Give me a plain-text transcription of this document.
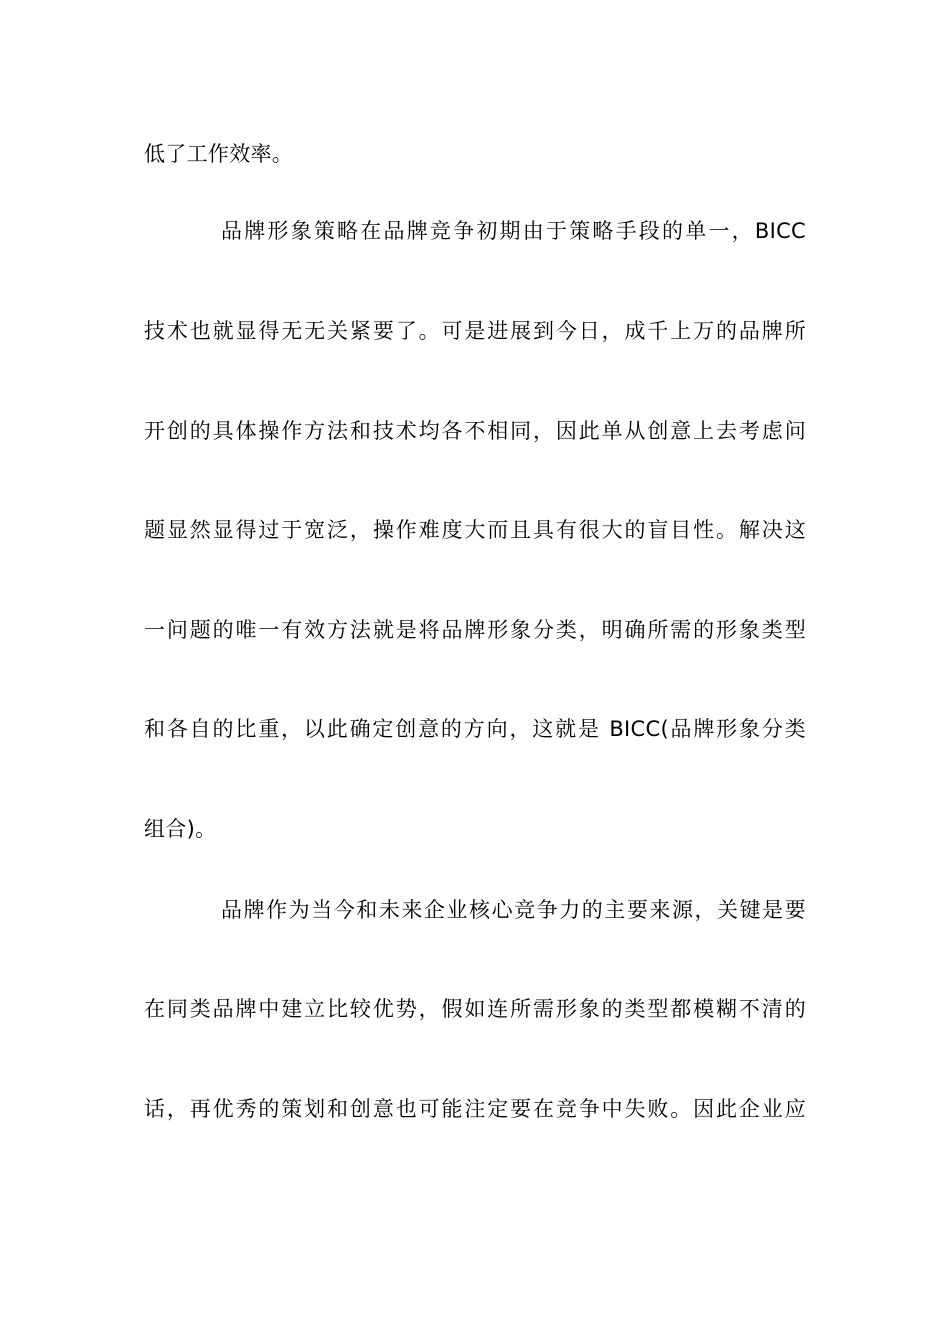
低了工作效率。
品牌形象策略在品牌竞争初期由于策略手段的单一，BICC
技术也就显得无无关紧要了。可是进展到今日，成千上万的品牌所
开创的具体操作方法和技术均各不相同，因此单从创意上去考虑问
题显然显得过于宽泛，操作难度大而且具有很大的盲目性。解决这
一问题的唯一有效方法就是将品牌形象分类，明确所需的形象类型
和各自的比重，以此确定创意的方向，这就是 BICC(品牌形象分类
组合)。
品牌作为当今和未来企业核心竞争力的主要来源，关键是要
在同类品牌中建立比较优势，假如连所需形象的类型都模糊不清的
话，再优秀的策划和创意也可能注定要在竞争中失败。因此企业应
